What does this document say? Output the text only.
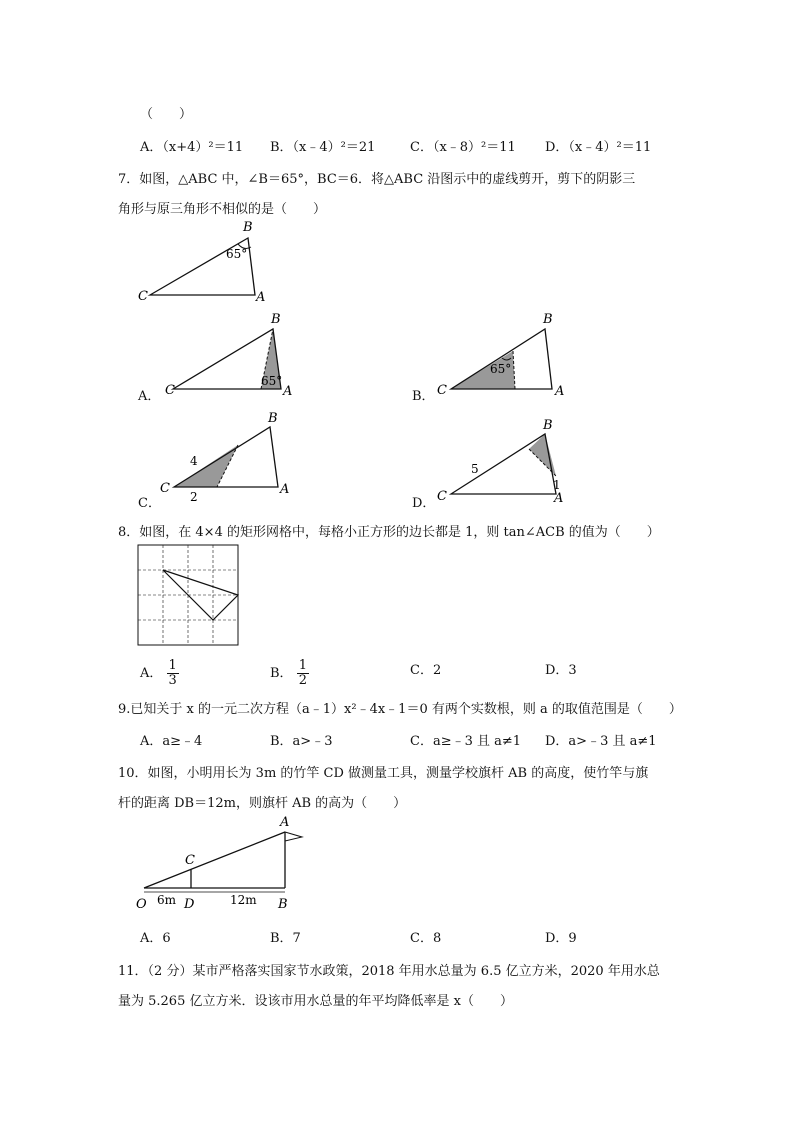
（　　）
A．（x+4）²＝11 B．（x﹣4）²＝21	C．（x﹣8）²＝11 D．（x﹣4）²＝11
7．如图，△ABC 中，∠B＝65°，BC＝6．将△ABC 沿图示中的虚线剪开，剪下的阴影三
角形与原三角形不相似的是（　　）
65°
B
C	A
A．
65°
B
C	A	B．
65°
B
C	A
C．
4
2
B
C	A
D．
5
1
B
C	A
8．如图，在 4×4 的矩形网格中，每格小正方形的边长都是 1，则 tan∠ACB 的值为（　　）
A． $\frac{1}{3}$	B． $\frac{1}{2}$	C．2	D．3
9.已知关于 x 的一元二次方程（a﹣1）x²﹣4x﹣1＝0 有两个实数根，则 a 的取值范围是（　　）
A．a≥﹣4	B．a>﹣3	C．a≥﹣3 且 a≠1 D．a>﹣3 且 a≠1
10．如图，小明用长为 3m 的竹竿 CD 做测量工具，测量学校旗杆 AB 的高度，使竹竿与旗
杆的距离 DB＝12m，则旗杆 AB 的高为（　　）
O	D	B
C
A
6m	12m
A．6	B．7	C．8	D．9
11．（2 分）某市严格落实国家节水政策，2018 年用水总量为 6.5 亿立方米，2020 年用水总
量为 5.265 亿立方米．设该市用水总量的年平均降低率是 x（　　）
